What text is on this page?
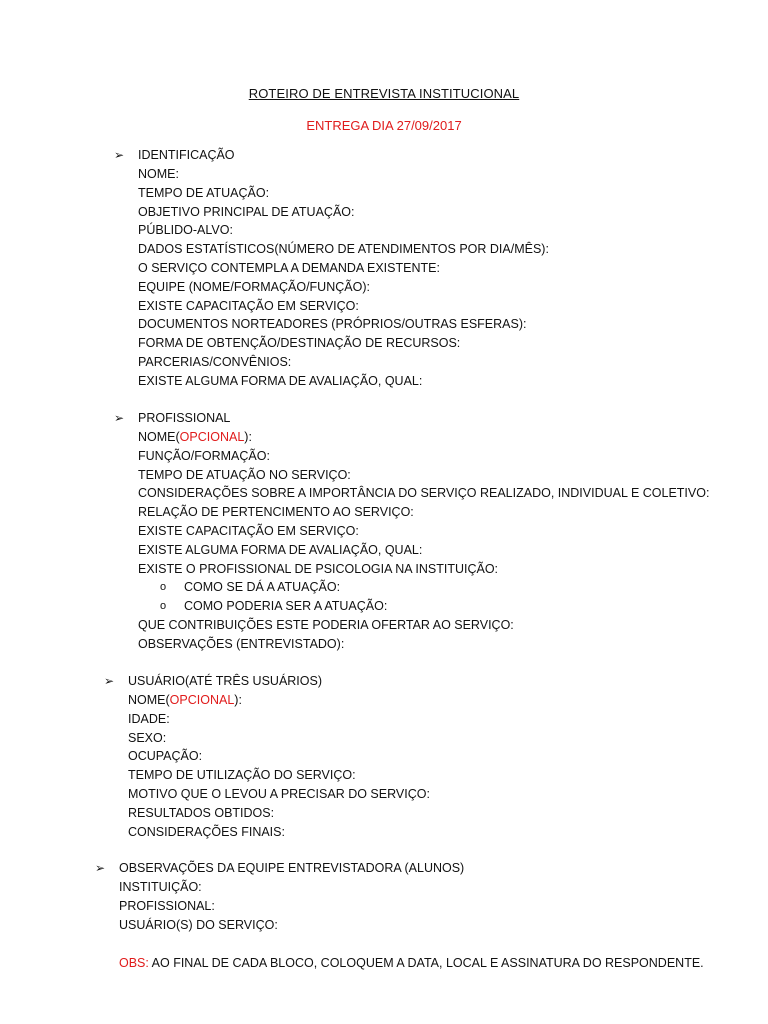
ROTEIRO DE ENTREVISTA INSTITUCIONAL
ENTREGA DIA 27/09/2017
➢ IDENTIFICAÇÃO
NOME:
TEMPO DE ATUAÇÃO:
OBJETIVO PRINCIPAL DE ATUAÇÃO:
PÚBLIDO-ALVO:
DADOS ESTATÍSTICOS(NÚMERO DE ATENDIMENTOS POR DIA/MÊS):
O SERVIÇO CONTEMPLA A DEMANDA EXISTENTE:
EQUIPE (NOME/FORMAÇÃO/FUNÇÃO):
EXISTE CAPACITAÇÃO EM SERVIÇO:
DOCUMENTOS NORTEADORES (PRÓPRIOS/OUTRAS ESFERAS):
FORMA DE OBTENÇÃO/DESTINAÇÃO DE RECURSOS:
PARCERIAS/CONVÊNIOS:
EXISTE ALGUMA FORMA DE AVALIAÇÃO, QUAL:
➢ PROFISSIONAL
NOME(OPCIONAL):
FUNÇÃO/FORMAÇÃO:
TEMPO DE ATUAÇÃO NO SERVIÇO:
CONSIDERAÇÕES SOBRE A IMPORTÂNCIA DO SERVIÇO REALIZADO, INDIVIDUAL E COLETIVO:
RELAÇÃO DE PERTENCIMENTO AO SERVIÇO:
EXISTE CAPACITAÇÃO EM SERVIÇO:
EXISTE ALGUMA FORMA DE AVALIAÇÃO, QUAL:
EXISTE O PROFISSIONAL DE PSICOLOGIA NA INSTITUIÇÃO:
o COMO SE DÁ A ATUAÇÃO:
o COMO PODERIA SER A ATUAÇÃO:
QUE CONTRIBUIÇÕES ESTE PODERIA OFERTAR AO SERVIÇO:
OBSERVAÇÕES (ENTREVISTADO):
➢ USUÁRIO(ATÉ TRÊS USUÁRIOS)
NOME(OPCIONAL):
IDADE:
SEXO:
OCUPAÇÃO:
TEMPO DE UTILIZAÇÃO DO SERVIÇO:
MOTIVO QUE O LEVOU A PRECISAR DO SERVIÇO:
RESULTADOS OBTIDOS:
CONSIDERAÇÕES FINAIS:
➢ OBSERVAÇÕES DA EQUIPE ENTREVISTADORA (ALUNOS)
INSTITUIÇÃO:
PROFISSIONAL:
USUÁRIO(S) DO SERVIÇO:
OBS: AO FINAL DE CADA BLOCO, COLOQUEM A DATA, LOCAL E ASSINATURA DO RESPONDENTE.
